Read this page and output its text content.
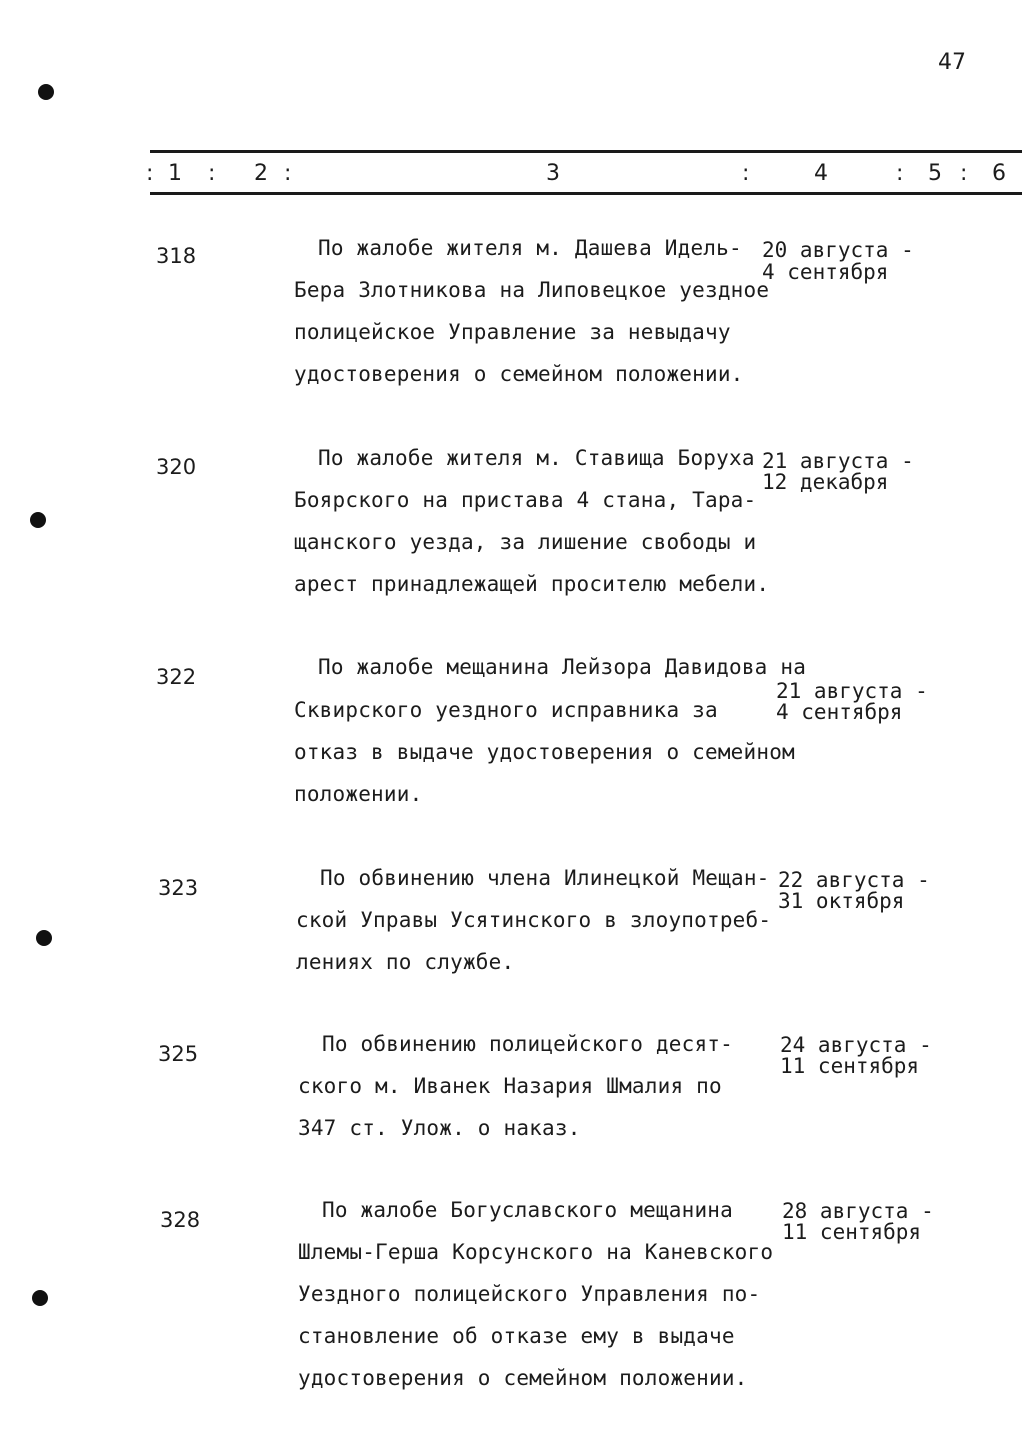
47
: 1 : 2 :	3	:	4	: 5 : 6
318	По жалобе жителя м. Дашева Идель-
Бера Злотникова на Липовецкое уездное
полицейское Управление за невыдачу
удостоверения о семейном положении.
20 августа -
4 сентября
320	По жалобе жителя м. Ставища Боруха
Боярского на пристава 4 стана, Тара-
щанского уезда, за лишение свободы и
арест принадлежащей просителю мебели.
21 августа -
12 декабря
322	По жалобе мещанина Лейзора Давидова на
Сквирского уездного исправника за
отказ в выдаче удостоверения о семейном
положении.
21 августа -
4 сентября
323	По обвинению члена Илинецкой Мещан-
ской Управы Усятинского в злоупотреб-
лениях по службе.
22 августа -
31 октября
325	По обвинению полицейского десят-
ского м. Иванек Назария Шмалия по
347 ст. Улож. о наказ.
24 августа -
11 сентября
328	По жалобе Богуславского мещанина
Шлемы-Герша Корсунского на Каневского
Уездного полицейского Управления по-
становление об отказе ему в выдаче
удостоверения о семейном положении.
28 августа -
11 сентября
